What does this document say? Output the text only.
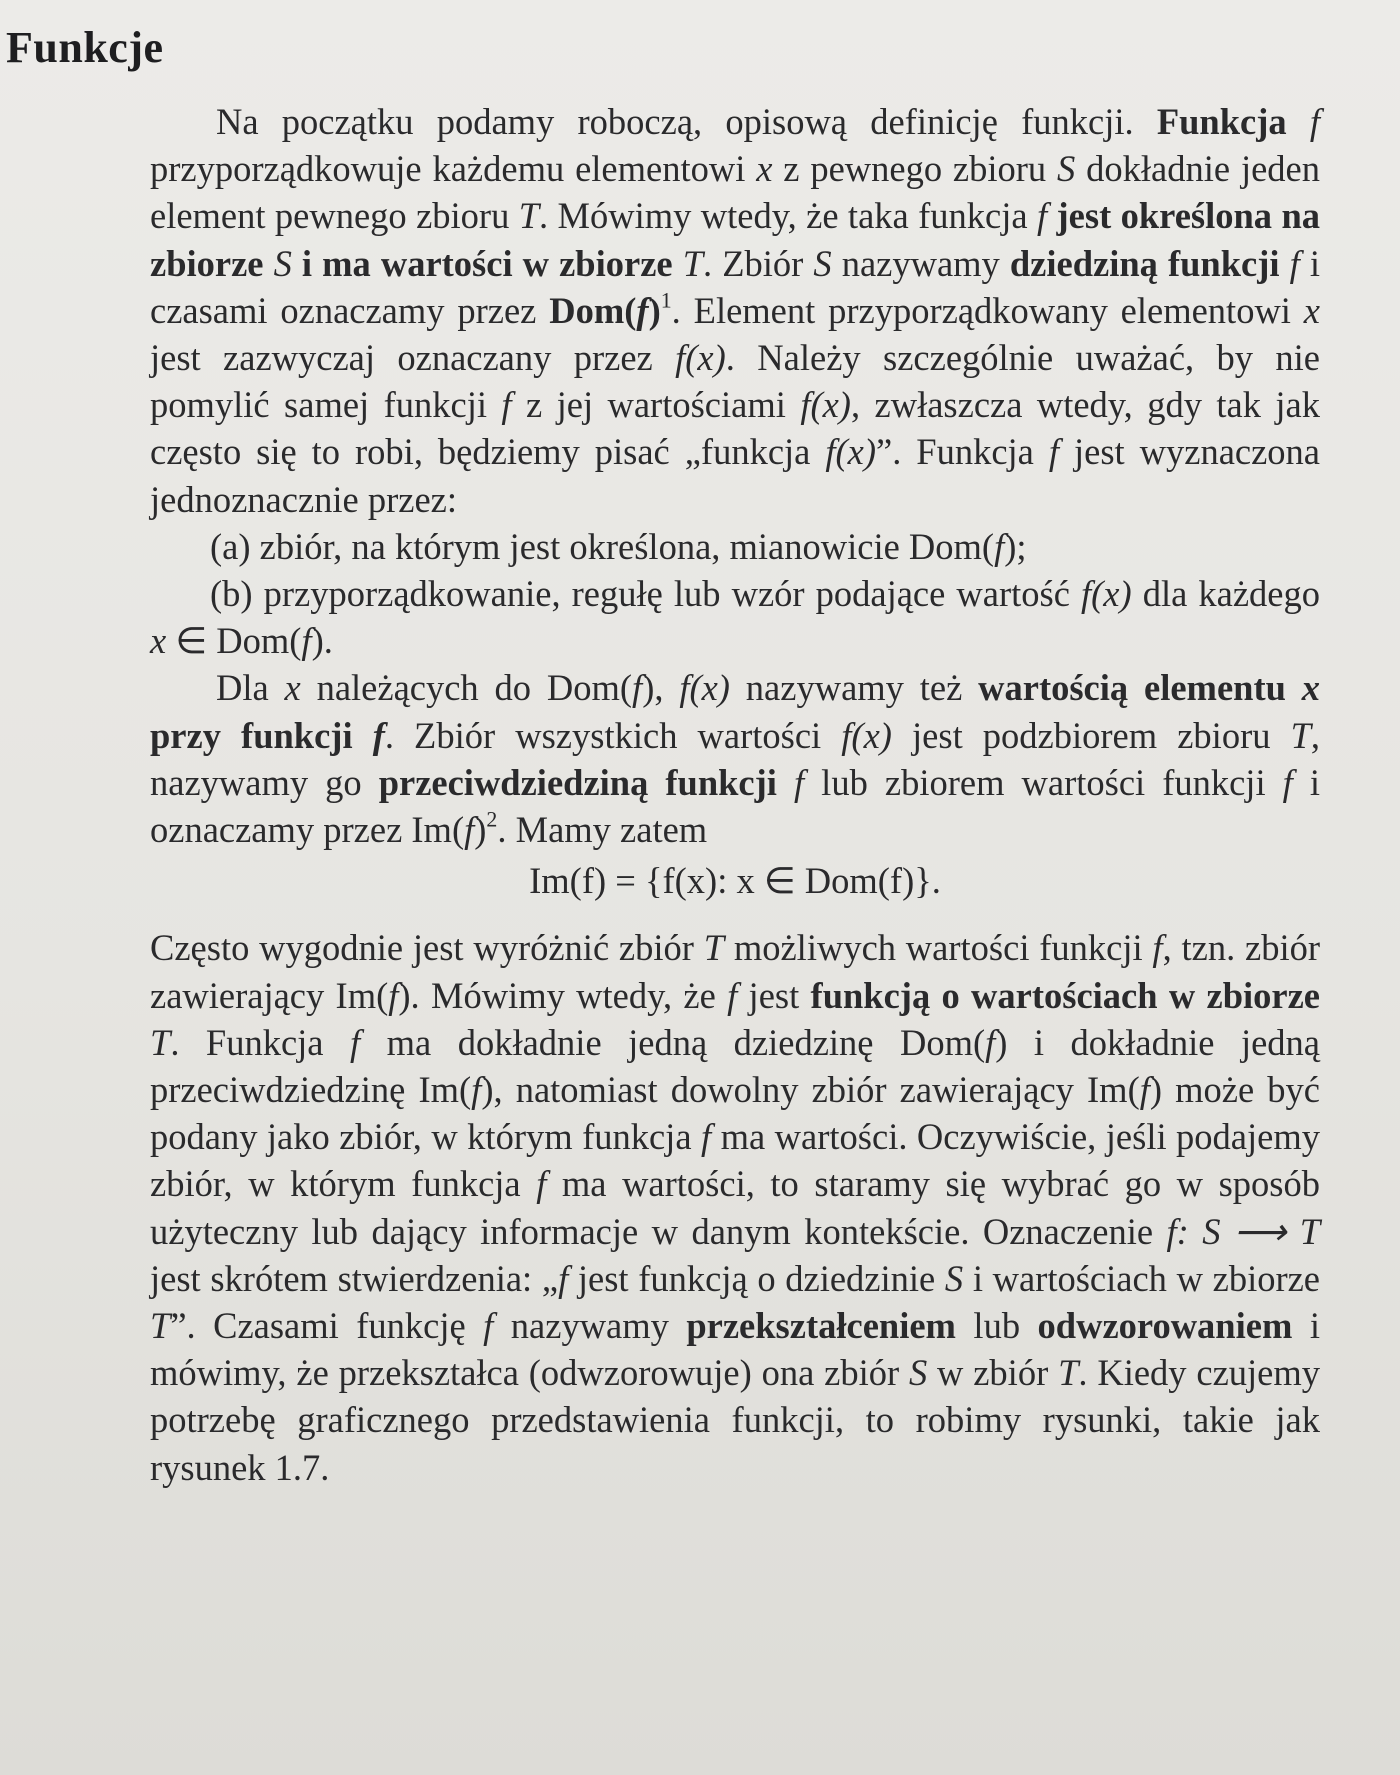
Funkcje

Na początku podamy roboczą, opisową definicję funkcji. Funkcja f przyporządkowuje każdemu elementowi x z pewnego zbioru S dokładnie jeden element pewnego zbioru T. Mówimy wtedy, że taka funkcja f jest określona na zbiorze S i ma wartości w zbiorze T. Zbiór S nazywamy dziedziną funkcji f i czasami oznaczamy przez $Dom(f)^1$. Element przyporządkowany elementowi x jest zazwyczaj oznaczany przez f(x). Należy szczególnie uważać, by nie pomylić samej funkcji f z jej wartościami f(x), zwłaszcza wtedy, gdy tak jak często się to robi, będziemy pisać „funkcja f(x)”. Funkcja f jest wyznaczona jednoznacznie przez:

(a) zbiór, na którym jest określona, mianowicie Dom(f);

(b) przyporządkowanie, regułę lub wzór podające wartość f(x) dla każdego x ∈ Dom(f).

Dla x należących do Dom(f), f(x) nazywamy też wartością elementu x przy funkcji f. Zbiór wszystkich wartości f(x) jest podzbiorem zbioru T, nazywamy go przeciwdziedziną funkcji f lub zbiorem wartości funkcji f i oznaczamy przez $Im(f)^2$. Mamy zatem

Im(f) = {f(x): x ∈ Dom(f)}.

Często wygodnie jest wyróżnić zbiór T możliwych wartości funkcji f, tzn. zbiór zawierający Im(f). Mówimy wtedy, że f jest funkcją o wartościach w zbiorze T. Funkcja f ma dokładnie jedną dziedzinę Dom(f) i dokładnie jedną przeciwdziedzinę Im(f), natomiast dowolny zbiór zawierający Im(f) może być podany jako zbiór, w którym funkcja f ma wartości. Oczywiście, jeśli podajemy zbiór, w którym funkcja f ma wartości, to staramy się wybrać go w sposób użyteczny lub dający informacje w danym kontekście. Oznaczenie f: S ⟶ T jest skrótem stwierdzenia: „f jest funkcją o dziedzinie S i wartościach w zbiorze T”. Czasami funkcję f nazywamy przekształceniem lub odwzorowaniem i mówimy, że przekształca (odwzorowuje) ona zbiór S w zbiór T. Kiedy czujemy potrzebę graficznego przedstawienia funkcji, to robimy rysunki, takie jak rysunek 1.7.
